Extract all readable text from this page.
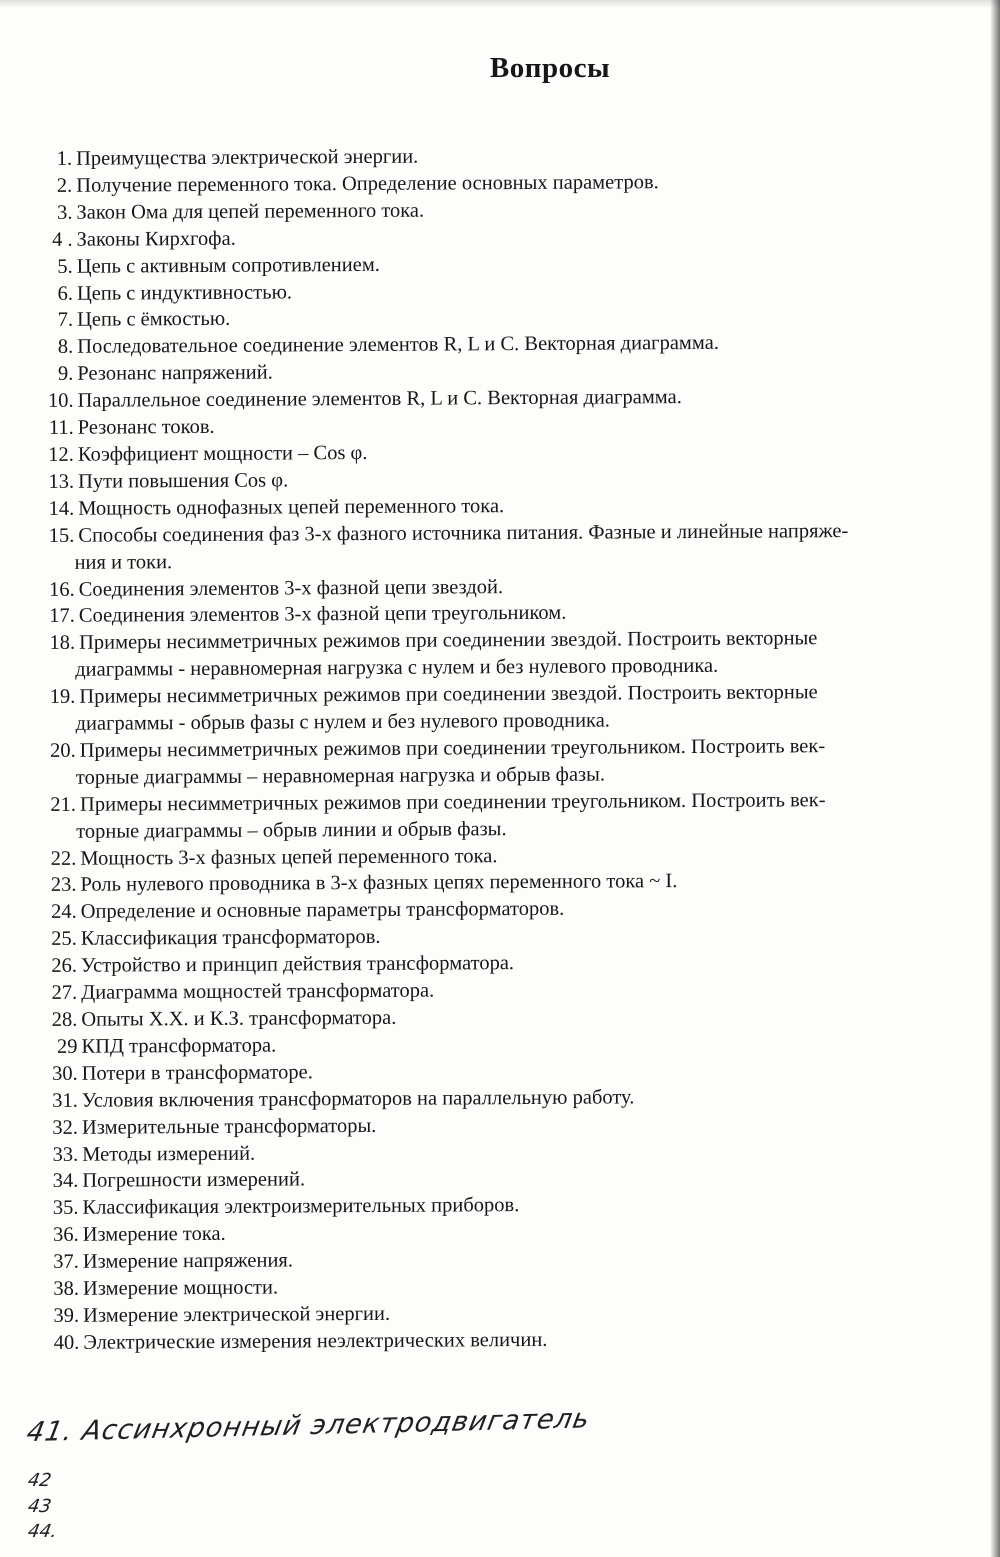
Вопросы
1. Преимущества электрической энергии.
2. Получение переменного тока. Определение основных параметров.
3. Закон Ома для цепей переменного тока.
4 . Законы Кирхгофа.
5. Цепь с активным сопротивлением.
6. Цепь с индуктивностью.
7. Цепь с ёмкостью.
8. Последовательное соединение элементов R, L и С. Векторная диаграмма.
9. Резонанс напряжений.
10. Параллельное соединение элементов R, L и С. Векторная диаграмма.
11. Резонанс токов.
12. Коэффициент мощности – Cos φ.
13. Пути повышения Cos φ.
14. Мощность однофазных цепей переменного тока.
15. Способы соединения фаз 3-х фазного источника питания. Фазные и линейные напряже-
ния и токи.
16. Соединения элементов 3-х фазной цепи звездой.
17. Соединения элементов 3-х фазной цепи треугольником.
18. Примеры несимметричных режимов при соединении звездой. Построить векторные
диаграммы - неравномерная нагрузка с нулем и без нулевого проводника.
19. Примеры несимметричных режимов при соединении звездой. Построить векторные
диаграммы - обрыв фазы с нулем и без нулевого проводника.
20. Примеры несимметричных режимов при соединении треугольником. Построить век-
торные диаграммы – неравномерная нагрузка и обрыв фазы.
21. Примеры несимметричных режимов при соединении треугольником. Построить век-
торные диаграммы – обрыв линии и обрыв фазы.
22. Мощность 3-х фазных цепей переменного тока.
23. Роль нулевого проводника в 3-х фазных цепях переменного тока ~ I.
24. Определение и основные параметры трансформаторов.
25. Классификация трансформаторов.
26. Устройство и принцип действия трансформатора.
27. Диаграмма мощностей трансформатора.
28. Опыты Х.Х. и К.З. трансформатора.
29 КПД трансформатора.
30. Потери в трансформаторе.
31. Условия включения трансформаторов на параллельную работу.
32. Измерительные трансформаторы.
33. Методы измерений.
34. Погрешности измерений.
35. Классификация электроизмерительных приборов.
36. Измерение тока.
37. Измерение напряжения.
38. Измерение мощности.
39. Измерение электрической энергии.
40. Электрические измерения неэлектрических величин.
41. Ассинхронный электродвигатель
42
43
44.
